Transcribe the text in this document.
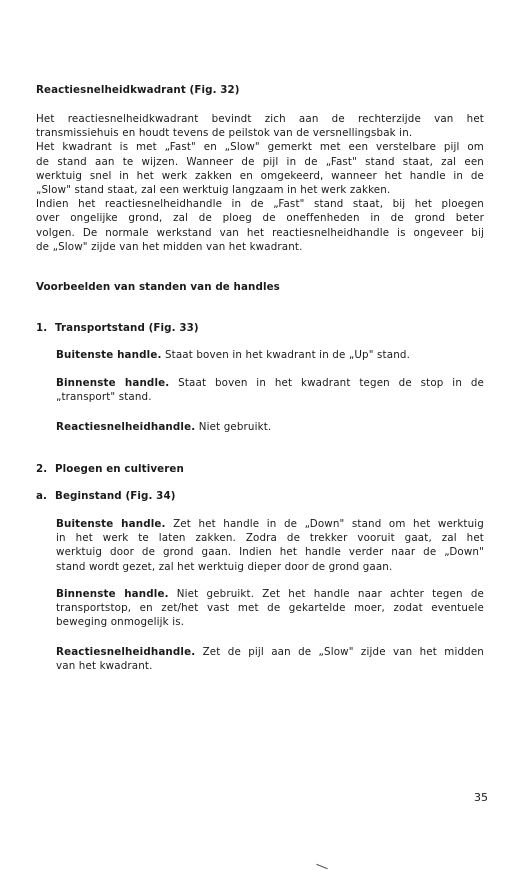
Reactiesnelheidkwadrant (Fig. 32)
Het reactiesnelheidkwadrant bevindt zich aan de rechterzijde van het
transmissiehuis en houdt tevens de peilstok van de versnellingsbak in.
Het kwadrant is met „Fast" en „Slow" gemerkt met een verstelbare pijl om
de stand aan te wijzen. Wanneer de pijl in de „Fast" stand staat, zal een
werktuig snel in het werk zakken en omgekeerd, wanneer het handle in de
„Slow" stand staat, zal een werktuig langzaam in het werk zakken.
Indien het reactiesnelheidhandle in de „Fast" stand staat, bij het ploegen
over ongelijke grond, zal de ploeg de oneffenheden in de grond beter
volgen. De normale werkstand van het reactiesnelheidhandle is ongeveer bij
de „Slow" zijde van het midden van het kwadrant.
Voorbeelden van standen van de handles
1. Transportstand (Fig. 33)
Buitenste handle. Staat boven in het kwadrant in de „Up" stand.
Binnenste handle. Staat boven in het kwadrant tegen de stop in de
„transport" stand.
Reactiesnelheidhandle. Niet gebruikt.
2. Ploegen en cultiveren
a. Beginstand (Fig. 34)
Buitenste handle. Zet het handle in de „Down" stand om het werktuig
in het werk te laten zakken. Zodra de trekker vooruit gaat, zal het
werktuig door de grond gaan. Indien het handle verder naar de „Down"
stand wordt gezet, zal het werktuig dieper door de grond gaan.
Binnenste handle. Niet gebruikt. Zet het handle naar achter tegen de
transportstop, en zet/het vast met de gekartelde moer, zodat eventuele
beweging onmogelijk is.
Reactiesnelheidhandle. Zet de pijl aan de „Slow" zijde van het midden
van het kwadrant.
35
